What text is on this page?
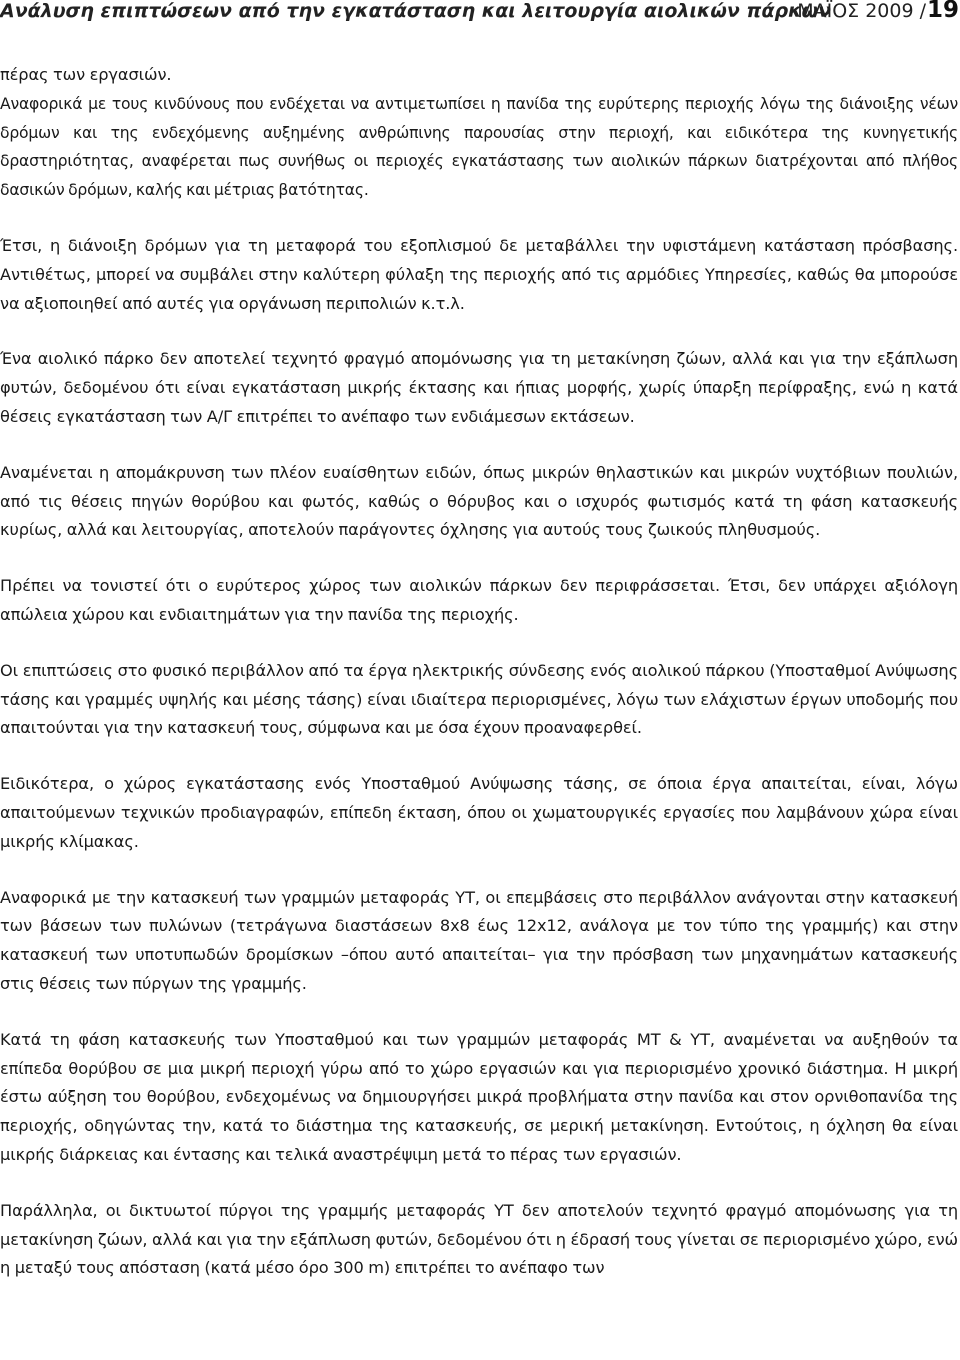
Ανάλυση επιπτώσεων από την εγκατάσταση και λειτουργία αιολικών πάρκων
ΜΑΪΟΣ 2009 / 19

πέρας των εργασιών.

Αναφορικά με τους κινδύνους που ενδέχεται να αντιμετωπίσει η πανίδα της ευρύτερης περιοχής λόγω της διάνοιξης νέων δρόμων και της ενδεχόμενης αυξημένης ανθρώπινης παρουσίας στην περιοχή, και ειδικότερα της κυνηγετικής δραστηριότητας, αναφέρεται πως συνήθως οι περιοχές εγκατάστασης των αιολικών πάρκων διατρέχονται από πλήθος δασικών δρόμων, καλής και μέτριας βατότητας.

Έτσι, η διάνοιξη δρόμων για τη μεταφορά του εξοπλισμού δε μεταβάλλει την υφιστάμενη κατάσταση πρόσβασης. Αντιθέτως, μπορεί να συμβάλει στην καλύτερη φύλαξη της περιοχής από τις αρμόδιες Υπηρεσίες, καθώς θα μπορούσε να αξιοποιηθεί από αυτές για οργάνωση περιπολιών κ.τ.λ.

Ένα αιολικό πάρκο δεν αποτελεί τεχνητό φραγμό απομόνωσης για τη μετακίνηση ζώων, αλλά και για την εξάπλωση φυτών, δεδομένου ότι είναι εγκατάσταση μικρής έκτασης και ήπιας μορφής, χωρίς ύπαρξη περίφραξης, ενώ η κατά θέσεις εγκατάσταση των Α/Γ επιτρέπει το ανέπαφο των ενδιάμεσων εκτάσεων.

Αναμένεται η απομάκρυνση των πλέον ευαίσθητων ειδών, όπως μικρών θηλαστικών και μικρών νυχτόβιων πουλιών, από τις θέσεις πηγών θορύβου και φωτός, καθώς ο θόρυβος και ο ισχυρός φωτισμός κατά τη φάση κατασκευής κυρίως, αλλά και λειτουργίας, αποτελούν παράγοντες όχλησης για αυτούς τους ζωικούς πληθυσμούς.

Πρέπει να τονιστεί ότι ο ευρύτερος χώρος των αιολικών πάρκων δεν περιφράσσεται. Έτσι, δεν υπάρχει αξιόλογη απώλεια χώρου και ενδιαιτημάτων για την πανίδα της περιοχής.

Οι επιπτώσεις στο φυσικό περιβάλλον από τα έργα ηλεκτρικής σύνδεσης ενός αιολικού πάρκου (Υποσταθμοί Ανύψωσης τάσης και γραμμές υψηλής και μέσης τάσης) είναι ιδιαίτερα περιορισμένες, λόγω των ελάχιστων έργων υποδομής που απαιτούνται για την κατασκευή τους, σύμφωνα και με όσα έχουν προαναφερθεί.

Ειδικότερα, ο χώρος εγκατάστασης ενός Υποσταθμού Ανύψωσης τάσης, σε όποια έργα απαιτείται, είναι, λόγω απαιτούμενων τεχνικών προδιαγραφών, επίπεδη έκταση, όπου οι χωματουργικές εργασίες που λαμβάνουν χώρα είναι μικρής κλίμακας.

Αναφορικά με την κατασκευή των γραμμών μεταφοράς ΥΤ, οι επεμβάσεις στο περιβάλλον ανάγονται στην κατασκευή των βάσεων των πυλώνων (τετράγωνα διαστάσεων 8x8 έως 12x12, ανάλογα με τον τύπο της γραμμής) και στην κατασκευή των υποτυπωδών δρομίσκων –όπου αυτό απαιτείται– για την πρόσβαση των μηχανημάτων κατασκευής στις θέσεις των πύργων της γραμμής.

Κατά τη φάση κατασκευής των Υποσταθμού και των γραμμών μεταφοράς ΜΤ & ΥΤ, αναμένεται να αυξηθούν τα επίπεδα θορύβου σε μια μικρή περιοχή γύρω από το χώρο εργασιών και για περιορισμένο χρονικό διάστημα. Η μικρή έστω αύξηση του θορύβου, ενδεχομένως να δημιουργήσει μικρά προβλήματα στην πανίδα και στον ορνιθοπανίδα της περιοχής, οδηγώντας την, κατά το διάστημα της κατασκευής, σε μερική μετακίνηση. Εντούτοις, η όχληση θα είναι μικρής διάρκειας και έντασης και τελικά αναστρέψιμη μετά το πέρας των εργασιών.

Παράλληλα, οι δικτυωτοί πύργοι της γραμμής μεταφοράς ΥΤ δεν αποτελούν τεχνητό φραγμό απομόνωσης για τη μετακίνηση ζώων, αλλά και για την εξάπλωση φυτών, δεδομένου ότι η έδρασή τους γίνεται σε περιορισμένο χώρο, ενώ η μεταξύ τους απόσταση (κατά μέσο όρο 300 m) επιτρέπει το ανέπαφο των
